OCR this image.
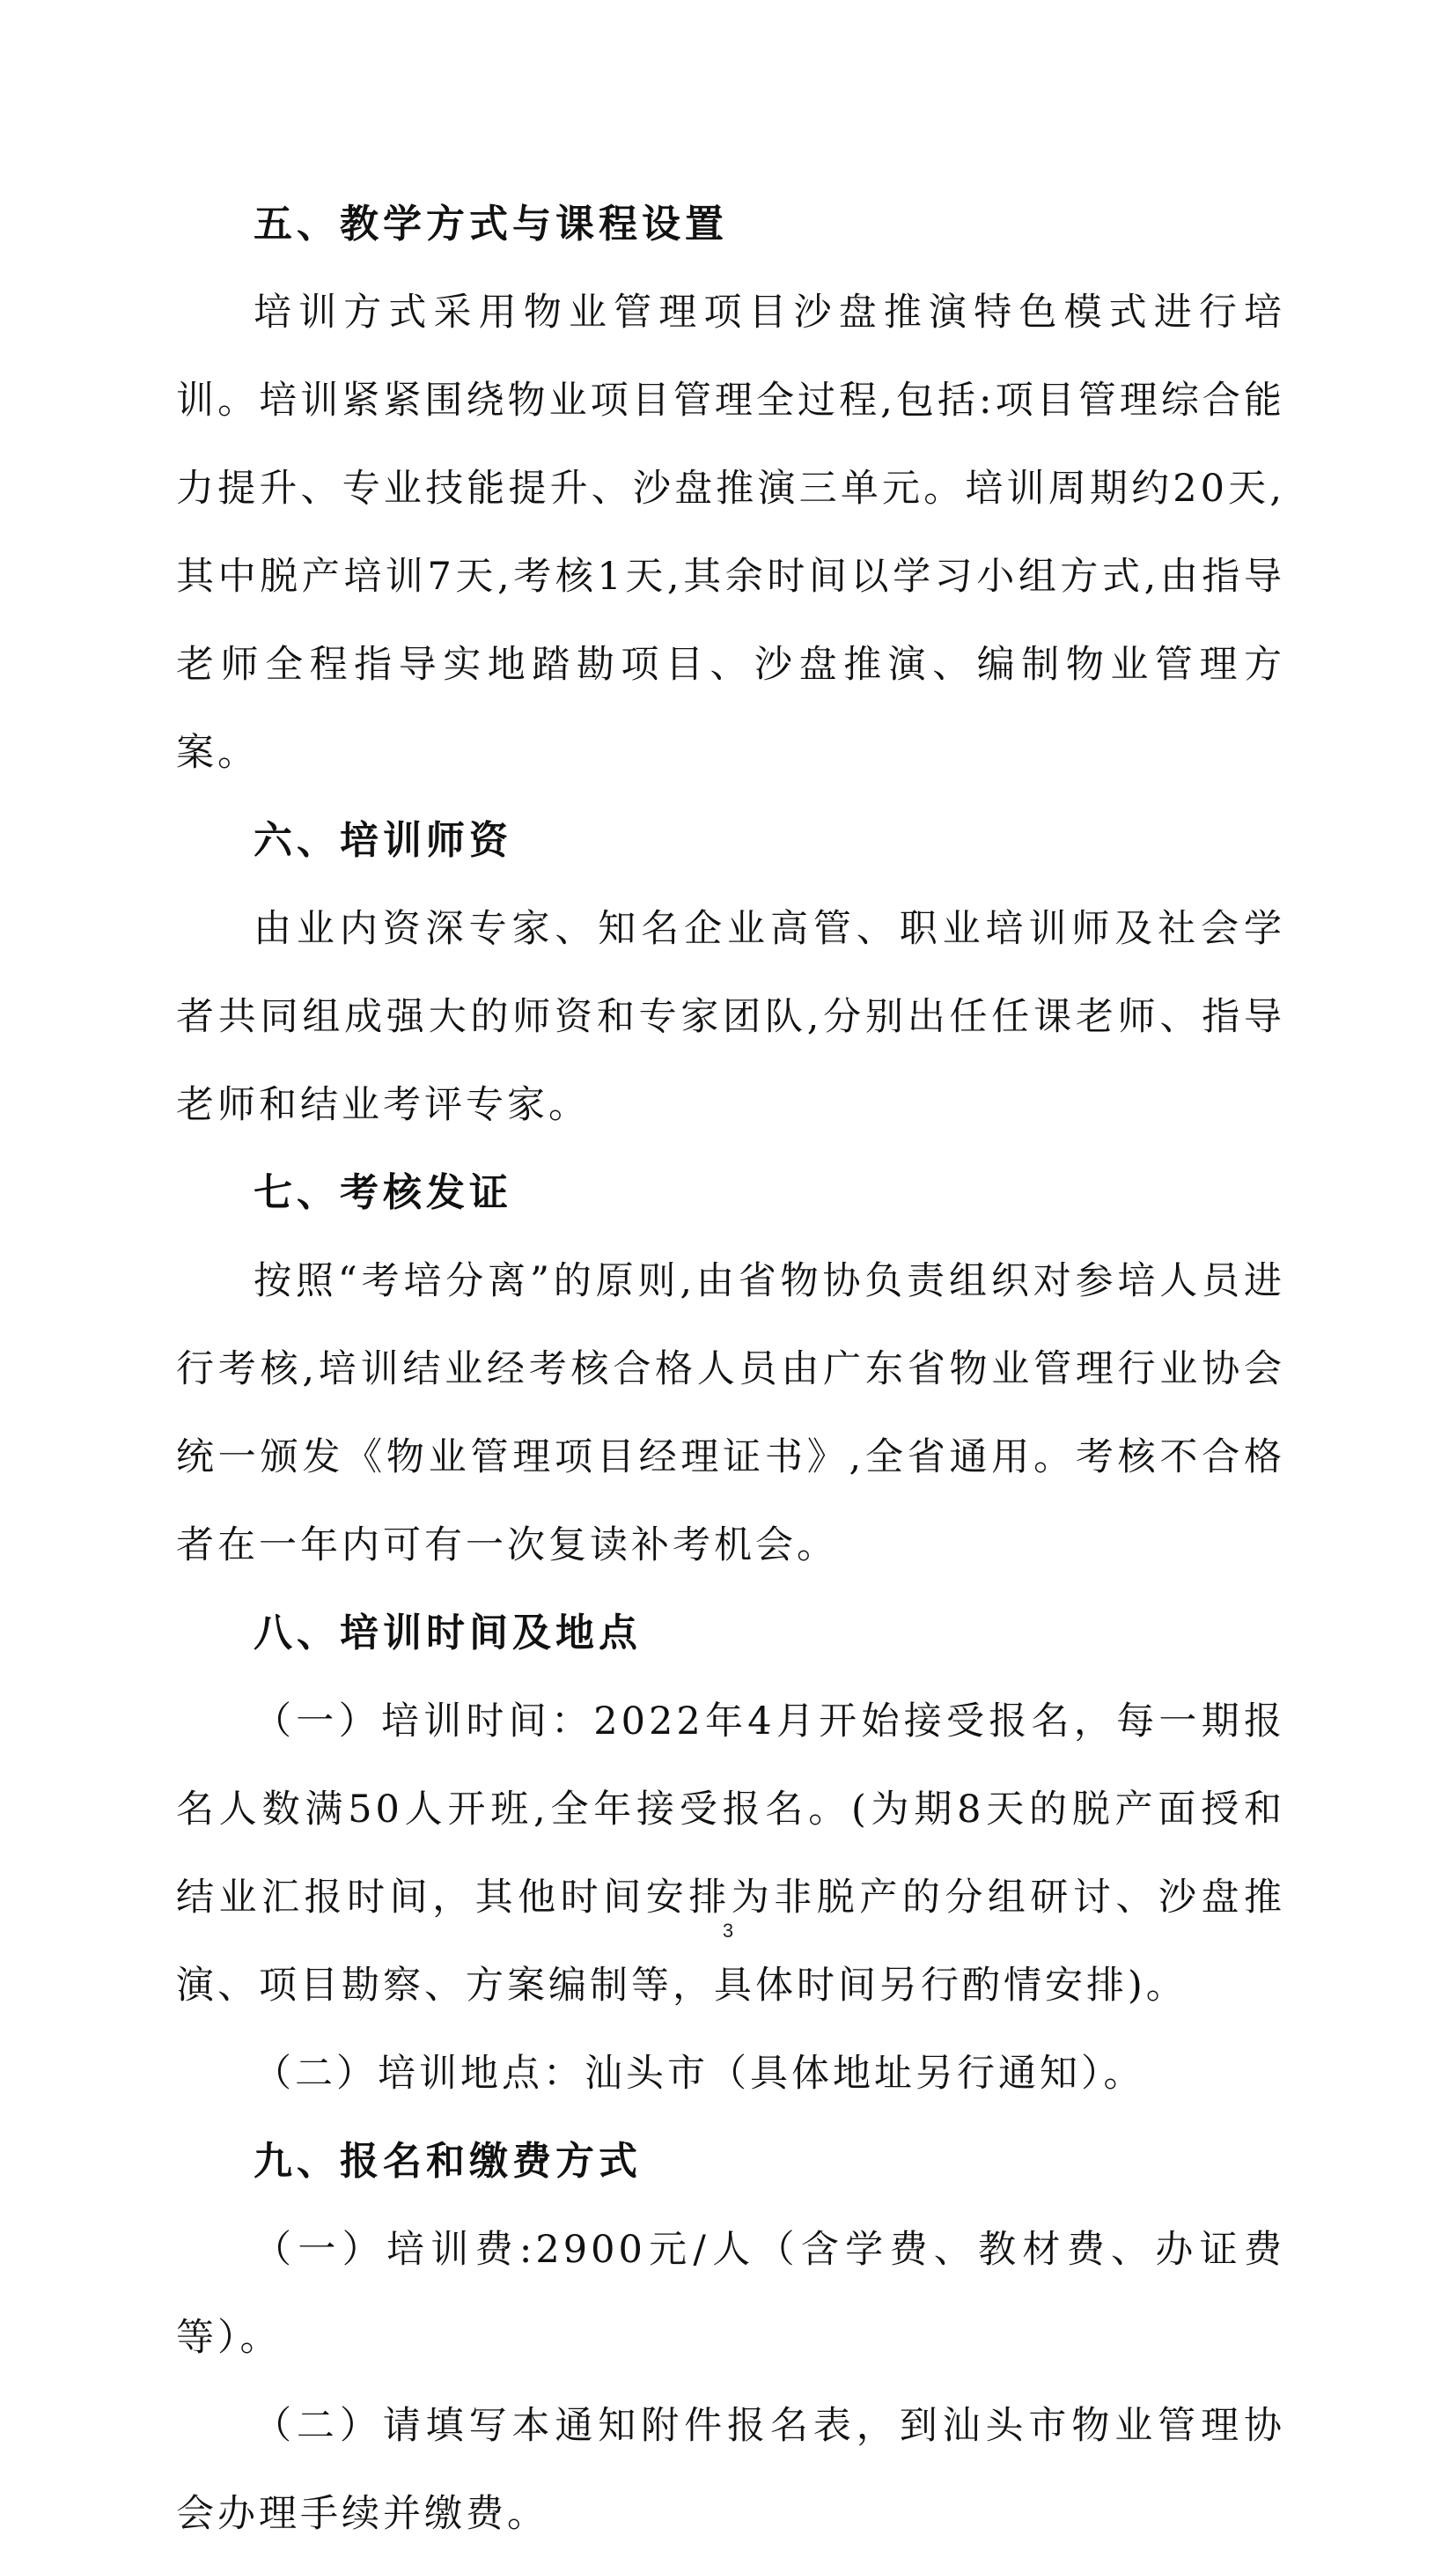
五、教学方式与课程设置

培训方式采用物业管理项目沙盘推演特色模式进行培训。培训紧紧围绕物业项目管理全过程,包括:项目管理综合能力提升、专业技能提升、沙盘推演三单元。培训周期约20天,其中脱产培训7天,考核1天,其余时间以学习小组方式,由指导老师全程指导实地踏勘项目、沙盘推演、编制物业管理方案。

六、培训师资

由业内资深专家、知名企业高管、职业培训师及社会学者共同组成强大的师资和专家团队,分别出任任课老师、指导老师和结业考评专家。

七、考核发证

按照“考培分离”的原则,由省物协负责组织对参培人员进行考核,培训结业经考核合格人员由广东省物业管理行业协会统一颁发《物业管理项目经理证书》,全省通用。考核不合格者在一年内可有一次复读补考机会。

八、培训时间及地点

（一）培训时间：2022年4月开始接受报名，每一期报名人数满50人开班,全年接受报名。(为期8天的脱产面授和结业汇报时间，其他时间安排为非脱产的分组研讨、沙盘推演、项目勘察、方案编制等，具体时间另行酌情安排)。

（二）培训地点：汕头市（具体地址另行通知）。

九、报名和缴费方式

（一）培训费:2900元/人（含学费、教材费、办证费等）。

（二）请填写本通知附件报名表，到汕头市物业管理协会办理手续并缴费。

3
